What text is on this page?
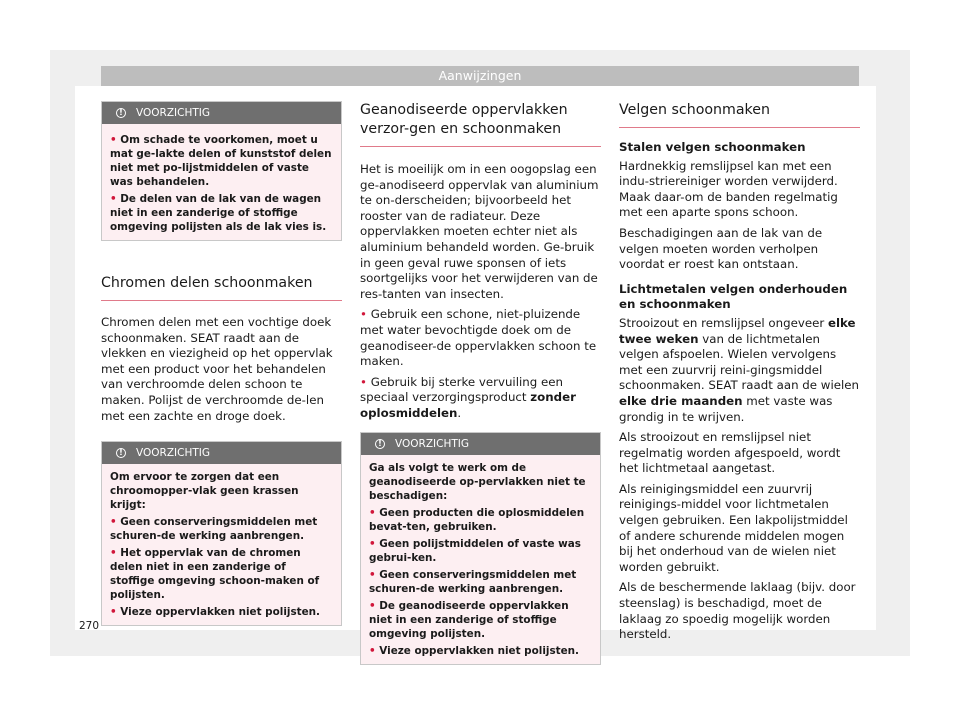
Aanwijzingen
!	VOORZICHTIG
• Om schade te voorkomen, moet u mat ge-lakte delen of kunststof delen niet met po-lijstmiddelen of vaste was behandelen.
• De delen van de lak van de wagen niet in een zanderige of stoffige omgeving polijsten als de lak vies is.
Chromen delen schoonmaken

Chromen delen met een vochtige doek schoonmaken. SEAT raadt aan de vlekken en viezigheid op het oppervlak met een product voor het behandelen van verchroomde delen schoon te maken. Polijst de verchroomde de-len met een zachte en droge doek.

!	VOORZICHTIG
Om ervoor te zorgen dat een chroomopper-vlak geen krassen krijgt:
• Geen conserveringsmiddelen met schuren-de werking aanbrengen.
• Het oppervlak van de chromen delen niet in een zanderige of stoffige omgeving schoon-maken of polijsten.
• Vieze oppervlakken niet polijsten.
Geanodiseerde oppervlakken verzor-gen en schoonmaken

Het is moeilijk om in een oogopslag een ge-anodiseerd oppervlak van aluminium te on-derscheiden; bijvoorbeeld het rooster van de radiateur. Deze oppervlakken moeten echter niet als aluminium behandeld worden. Ge-bruik in geen geval ruwe sponsen of iets soortgelijks voor het verwijderen van de res-tanten van insecten.

• Gebruik een schone, niet-pluizende met water bevochtigde doek om de geanodiseer-de oppervlakken schoon te maken.
• Gebruik bij sterke vervuiling een speciaal verzorgingsproduct zonder oplosmiddelen.
!	VOORZICHTIG
Ga als volgt te werk om de geanodiseerde op-pervlakken niet te beschadigen:
• Geen producten die oplosmiddelen bevat-ten, gebruiken.
• Geen polijstmiddelen of vaste was gebrui-ken.
• Geen conserveringsmiddelen met schuren-de werking aanbrengen.
• De geanodiseerde oppervlakken niet in een zanderige of stoffige omgeving polijsten.
• Vieze oppervlakken niet polijsten.
Velgen schoonmaken
Stalen velgen schoonmaken

Hardnekkig remslijpsel kan met een indu-striereiniger worden verwijderd. Maak daar-om de banden regelmatig met een aparte spons schoon.

Beschadigingen aan de lak van de velgen moeten worden verholpen voordat er roest kan ontstaan.

Lichtmetalen velgen onderhouden en schoonmaken

Strooizout en remslijpsel ongeveer elke twee weken van de lichtmetalen velgen afspoelen. Wielen vervolgens met een zuurvrij reini-gingsmiddel schoonmaken. SEAT raadt aan de wielen elke drie maanden met vaste was grondig in te wrijven.

Als strooizout en remslijpsel niet regelmatig worden afgespoeld, wordt het lichtmetaal aangetast.

Als reinigingsmiddel een zuurvrij reinigings-middel voor lichtmetalen velgen gebruiken. Een lakpolijstmiddel of andere schurende middelen mogen bij het onderhoud van de wielen niet worden gebruikt.

Als de beschermende laklaag (bijv. door steenslag) is beschadigd, moet de laklaag zo spoedig mogelijk worden hersteld.

270
